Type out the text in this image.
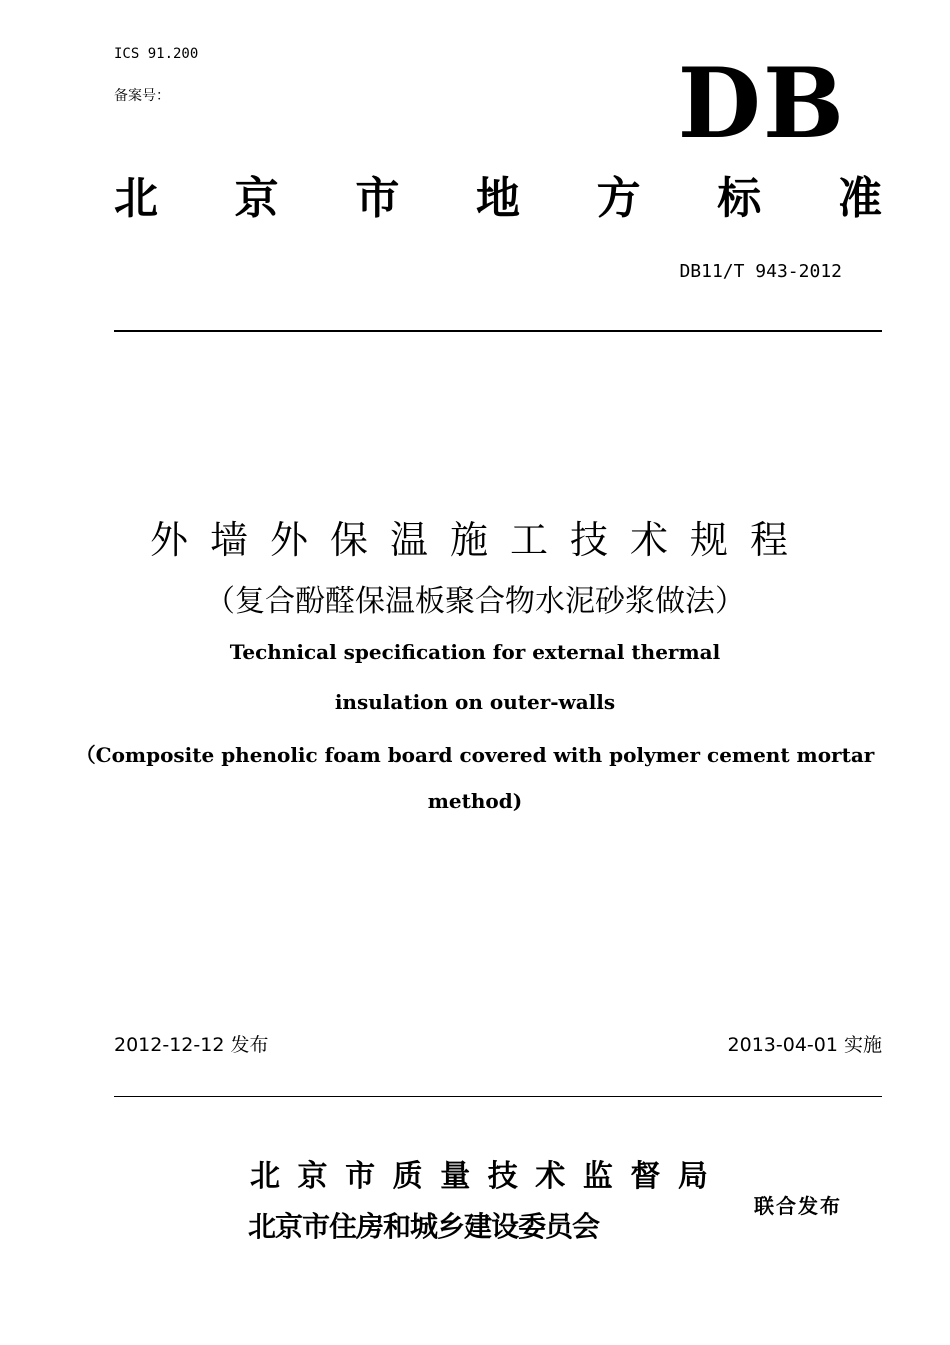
ICS 91.200
备案号：	DB
北 京 市 地 方 标 准
DB11/T 943-2012
外墙外保温施工技术规程
（复合酚醛保温板聚合物水泥砂浆做法）
Technical specification for external thermal
insulation on outer-walls
（Composite phenolic foam board covered with polymer cement mortar
method)
2012-12-12 发布	2013-04-01 实施
北 京 市 质 量 技 术 监 督 局
北京市住房和城乡建设委员会
联合发布
